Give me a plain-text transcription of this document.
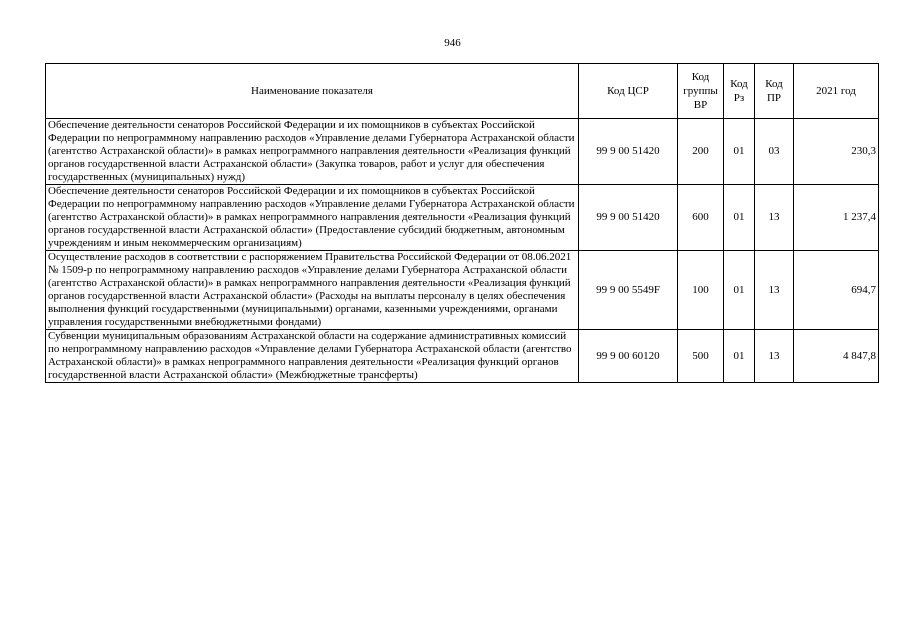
946
Наименование показателя	Код ЦСР	Код группы ВР	Код Рз	Код ПР	2021 год
Обеспечение деятельности сенаторов Российской Федерации и их помощников в субъектах Российской Федерации по непрограммному направлению расходов «Управление делами Губернатора Астраханской области (агентство Астраханской области)» в рамках непрограммного направления деятельности «Реализация функций органов государственной власти Астраханской области» (Закупка товаров, работ и услуг для обеспечения государственных (муниципальных) нужд)	99 9 00 51420	200	01	03	230,3
Обеспечение деятельности сенаторов Российской Федерации и их помощников в субъектах Российской Федерации по непрограммному направлению расходов «Управление делами Губернатора Астраханской области (агентство Астраханской области)» в рамках непрограммного направления деятельности «Реализация функций органов государственной власти Астраханской области» (Предоставление субсидий бюджетным, автономным учреждениям и иным некоммерческим организациям)	99 9 00 51420	600	01	13	1 237,4
Осуществление расходов в соответствии с распоряжением Правительства Российской Федерации от 08.06.2021 № 1509-р по непрограммному направлению расходов «Управление делами Губернатора Астраханской области (агентство Астраханской области)» в рамках непрограммного направления деятельности «Реализация функций органов государственной власти Астраханской области» (Расходы на выплаты персоналу в целях обеспечения выполнения функций государственными (муниципальными) органами, казенными учреждениями, органами управления государственными внебюджетными фондами)	99 9 00 5549F	100	01	13	694,7
Субвенции муниципальным образованиям Астраханской области на содержание административных комиссий по непрограммному направлению расходов «Управление делами Губернатора Астраханской области (агентство Астраханской области)» в рамках непрограммного направления деятельности «Реализация функций органов государственной власти Астраханской области» (Межбюджетные трансферты)	99 9 00 60120	500	01	13	4 847,8
